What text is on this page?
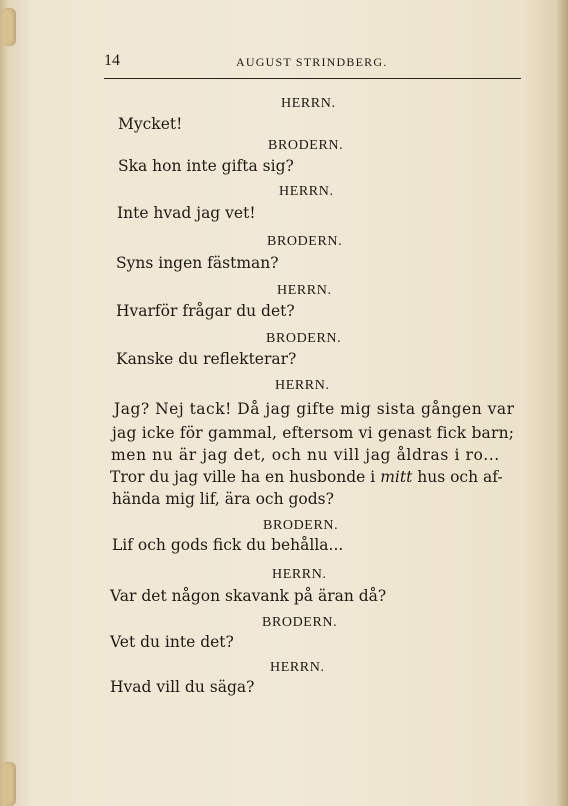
14	AUGUST STRINDBERG.
HERRN.
Mycket!
BRODERN.
Ska hon inte gifta sig?
HERRN.
Inte hvad jag vet!
BRODERN.
Syns ingen fästman?
HERRN.
Hvarför frågar du det?
BRODERN.
Kanske du reflekterar?
HERRN.
Jag? Nej tack! Då jag gifte mig sista gången var
jag icke för gammal, eftersom vi genast fick barn;
men nu är jag det, och nu vill jag åldras i ro...
Tror du jag ville ha en husbonde i mitt hus och af-
hända mig lif, ära och gods?
BRODERN.
Lif och gods fick du behålla...
HERRN.
Var det någon skavank på äran då?
BRODERN.
Vet du inte det?
HERRN.
Hvad vill du säga?
